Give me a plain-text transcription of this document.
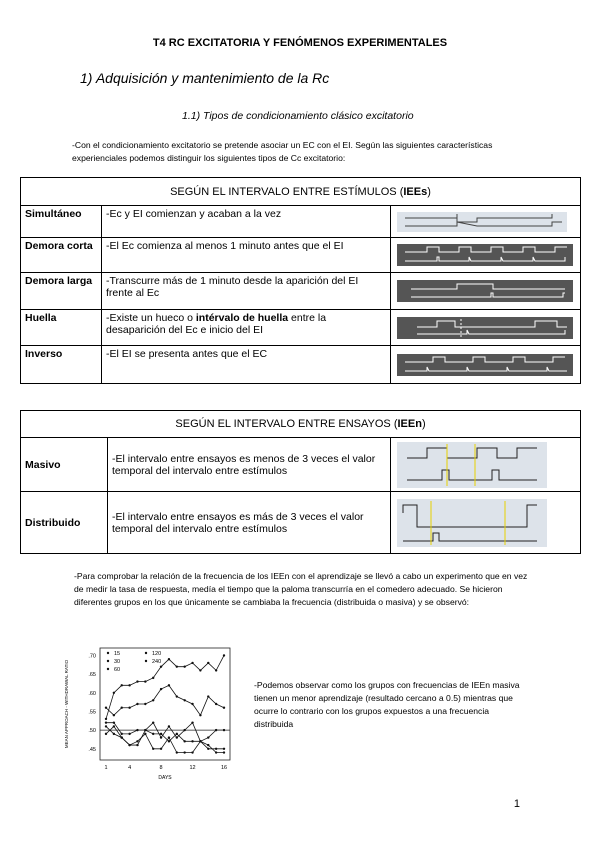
T4 RC EXCITATORIA Y FENÓMENOS EXPERIMENTALES
1) Adquisición y mantenimiento de la Rc
1.1) Tipos de condicionamiento clásico excitatorio
-Con el condicionamiento excitatorio se pretende asociar un EC con el EI. Según las siguientes características experienciales podemos distinguir los siguientes tipos de Cc excitatorio:
SEGÚN EL INTERVALO ENTRE ESTÍMULOS (IEEs)		
Simultáneo	-Ec y EI comienzan y acaban a la vez	

Demora corta	-El Ec comienza al menos 1 minuto antes que el EI	

Demora larga	-Transcurre más de 1 minuto desde la aparición del EI frente al Ec	

Huella	-Existe un hueco o intérvalo de huella entre la desaparición del Ec e inicio del EI	

Inverso	-El EI se presenta antes que el EC	
SEGÚN EL INTERVALO ENTRE ENSAYOS (IEEn)		
Masivo	-El intervalo entre ensayos es menos de 3 veces el valor temporal del intervalo entre estímulos	

Distribuido	-El intervalo entre ensayos es más de 3 veces el valor temporal del intervalo entre estímulos	
-Para comprobar la relación de la frecuencia de los IEEn con el aprendizaje se llevó a cabo un experimento que en vez de medir la tasa de respuesta, medía el tiempo que la paloma transcurría en el comedero adecuado. Se hicieron diferentes grupos en los que únicamente se cambiaba la frecuencia (distribuida o masiva) y se observó:
.70
.65
.60
.55
.50
.45
1	4	8	12	16
DAYS
MEAN APPROACH - WITHDRAWAL RATIO
15
30
60
120
240
-Podemos observar como los grupos con frecuencias de IEEn masiva tienen un menor aprendizaje (resultado cercano a 0.5) mientras que ocurre lo contrario con los grupos expuestos a una frecuencia distribuida
1
